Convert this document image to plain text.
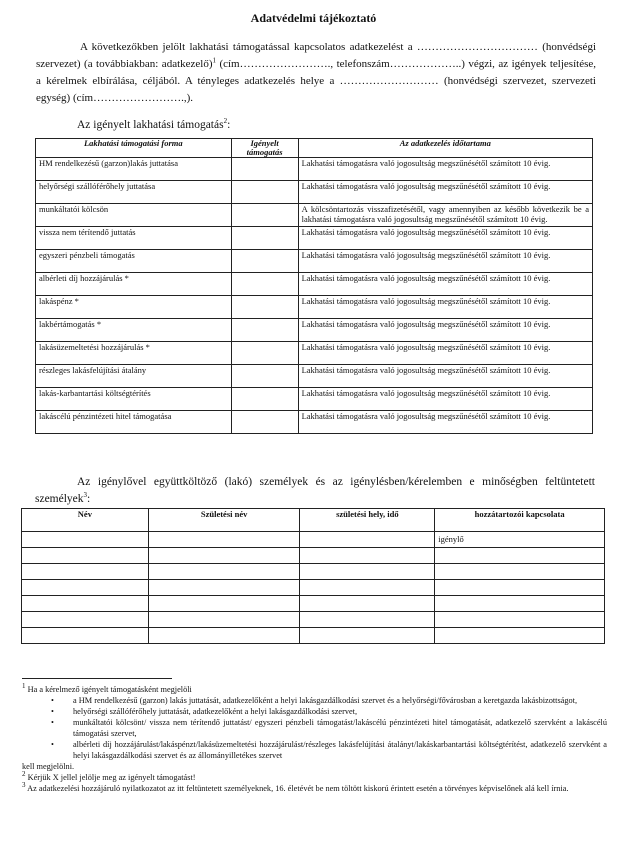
Adatvédelmi tájékoztató

A következőkben jelölt lakhatási támogatással kapcsolatos adatkezelést a …………………………… (honvédségi szervezet) (a továbbiakban: adatkezelő)$^1$ (cím……………………., telefonszám………………..) végzi, az igények teljesítése, a kérelmek elbírálása, céljából. A tényleges adatkezelés helye a ……………………… (honvédségi szervezet, szervezeti egység) (cím…………………….,).

Az igényelt lakhatási támogatás$^2$:
Lakhatási támogatási forma	Igényelt támogatás	Az adatkezelés időtartama
HM rendelkezésű (garzon)lakás juttatása		Lakhatási támogatásra való jogosultság megszűnésétől számított 10 évig.
helyőrségi szállóférőhely juttatása		Lakhatási támogatásra való jogosultság megszűnésétől számított 10 évig.
munkáltatói kölcsön		A kölcsöntartozás visszafizetésétől, vagy amennyiben az később következik be a lakhatási támogatásra való jogosultság megszűnésétől számított 10 évig.
vissza nem térítendő juttatás		Lakhatási támogatásra való jogosultság megszűnésétől számított 10 évig.
egyszeri pénzbeli támogatás		Lakhatási támogatásra való jogosultság megszűnésétől számított 10 évig.
albérleti díj hozzájárulás *		Lakhatási támogatásra való jogosultság megszűnésétől számított 10 évig.
lakáspénz *		Lakhatási támogatásra való jogosultság megszűnésétől számított 10 évig.
lakbértámogatás *		Lakhatási támogatásra való jogosultság megszűnésétől számított 10 évig.
lakásüzemeltetési hozzájárulás *		Lakhatási támogatásra való jogosultság megszűnésétől számított 10 évig.
részleges lakásfelújítási átalány		Lakhatási támogatásra való jogosultság megszűnésétől számított 10 évig.
lakás-karbantartási költségtérítés		Lakhatási támogatásra való jogosultság megszűnésétől számított 10 évig.
lakáscélú pénzintézeti hitel támogatása		Lakhatási támogatásra való jogosultság megszűnésétől számított 10 évig.
Az igénylővel együttköltöző (lakó) személyek és az igénylésben/kérelemben e minőségben feltüntetett személyek$^3$:
Név	Születési név	születési hely, idő	hozzátartozói kapcsolata
			igénylő

$^1$ Ha a kérelmező igényelt támogatásként megjelöli

• a HM rendelkezésű (garzon) lakás juttatását, adatkezelőként a helyi lakásgazdálkodási szervet és a helyőrségi/fővárosban a keretgazda lakásbizottságot,
• helyőrségi szállóférőhely juttatását, adatkezelőként a helyi lakásgazdálkodási szervet,
• munkáltatói kölcsönt/ vissza nem térítendő juttatást/ egyszeri pénzbeli támogatást/lakáscélú pénzintézeti hitel támogatását, adatkezelő szervként a lakáscélú támogatási szervet,
• albérleti díj hozzájárulást/lakáspénzt/lakásüzemeltetési hozzájárulást/részleges lakásfelújítási átalányt/lakáskarbantartási költségtérítést, adatkezelő szervként a helyi lakásgazdálkodási szervet és az állományilletékes szervet

kell megjelölni.

$^2$ Kérjük X jellel jelölje meg az igényelt támogatást!

$^3$ Az adatkezelési hozzájáruló nyilatkozatot az itt feltüntetett személyeknek, 16. életévét be nem töltött kiskorú érintett esetén a törvényes képviselőnek alá kell írnia.
